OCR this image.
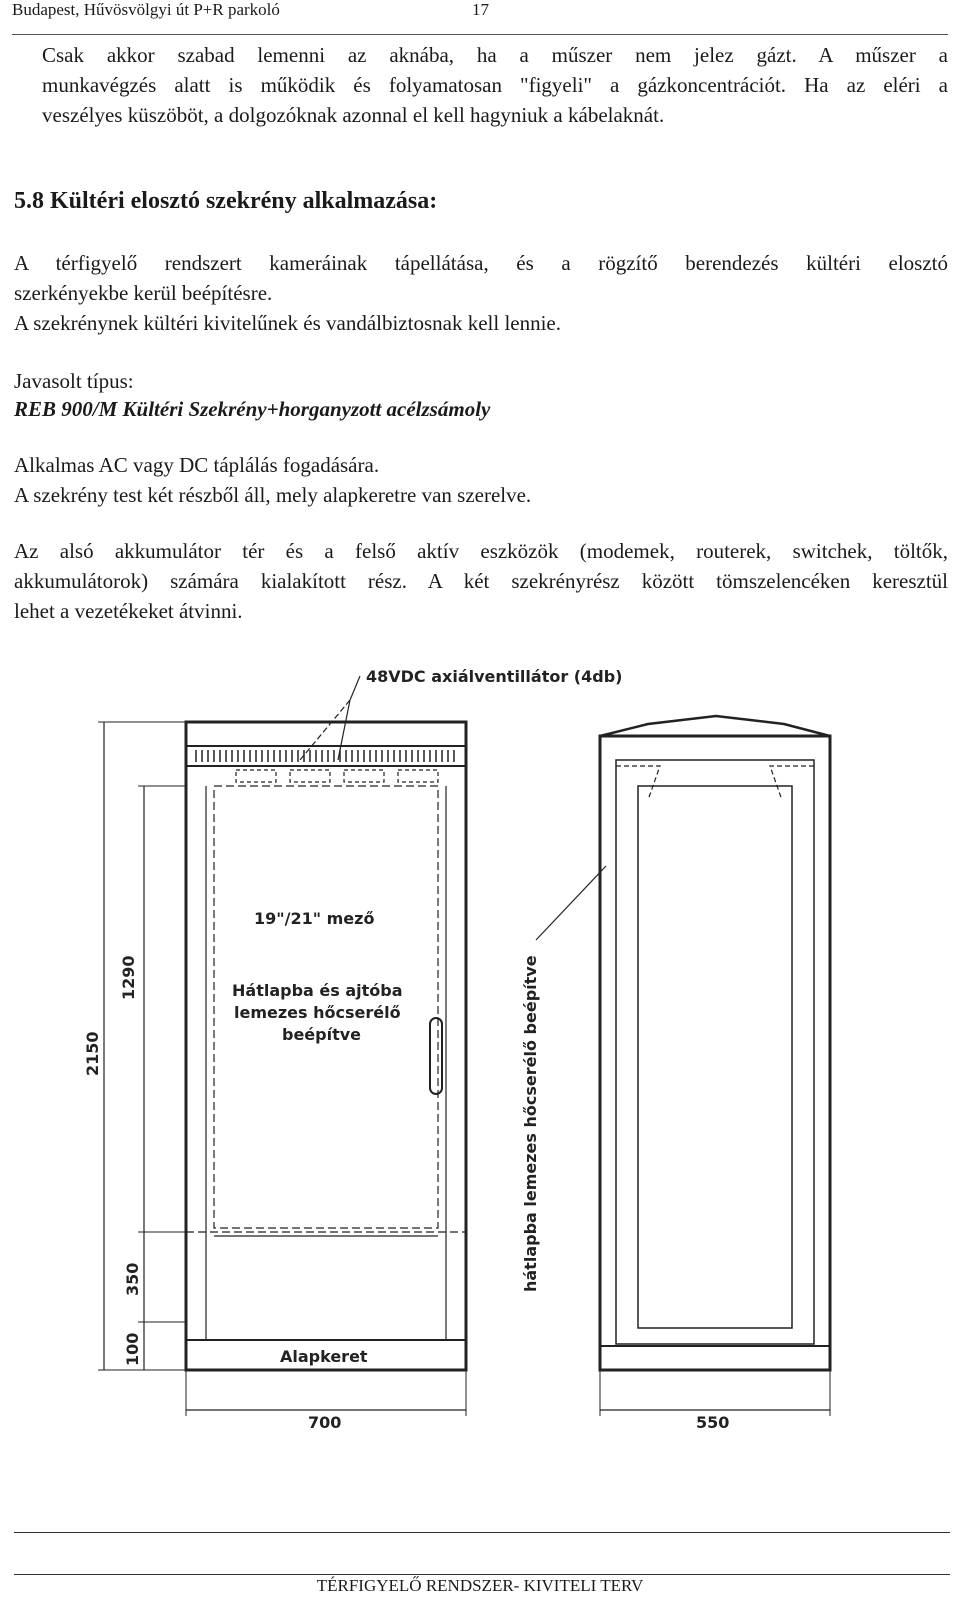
Budapest, Hűvösvölgyi út P+R parkoló	17
Csak akkor szabad lemenni az aknába, ha a műszer nem jelez gázt. A műszer a
munkavégzés alatt is működik és folyamatosan "figyeli" a gázkoncentrációt. Ha az eléri a
veszélyes küszöböt, a dolgozóknak azonnal el kell hagyniuk a kábelaknát.
5.8 Kültéri elosztó szekrény alkalmazása:
A térfigyelő rendszert kameráinak tápellátása, és a rögzítő berendezés kültéri elosztó
szerkényekbe kerül beépítésre.
A szekrénynek kültéri kivitelűnek és vandálbiztosnak kell lennie.
Javasolt típus:
REB 900/M Kültéri Szekrény+horganyzott acélzsámoly
Alkalmas AC vagy DC táplálás fogadására.
A szekrény test két részből áll, mely alapkeretre van szerelve.
Az alsó akkumulátor tér és a felső aktív eszközök (modemek, routerek, switchek, töltők,
akkumulátorok) számára kialakított rész. A két szekrényrész között tömszelencéken keresztül
lehet a vezetékeket átvinni.
48VDC axiálventillátor (4db)
19"/21" mező
Hátlapba és ajtóba
lemezes hőcserélő
beépítve
Alapkeret
hátlapba lemezes hőcserélő beépítve
2150
1290
350
100
700	550
TÉRFIGYELŐ RENDSZER- KIVITELI TERV
